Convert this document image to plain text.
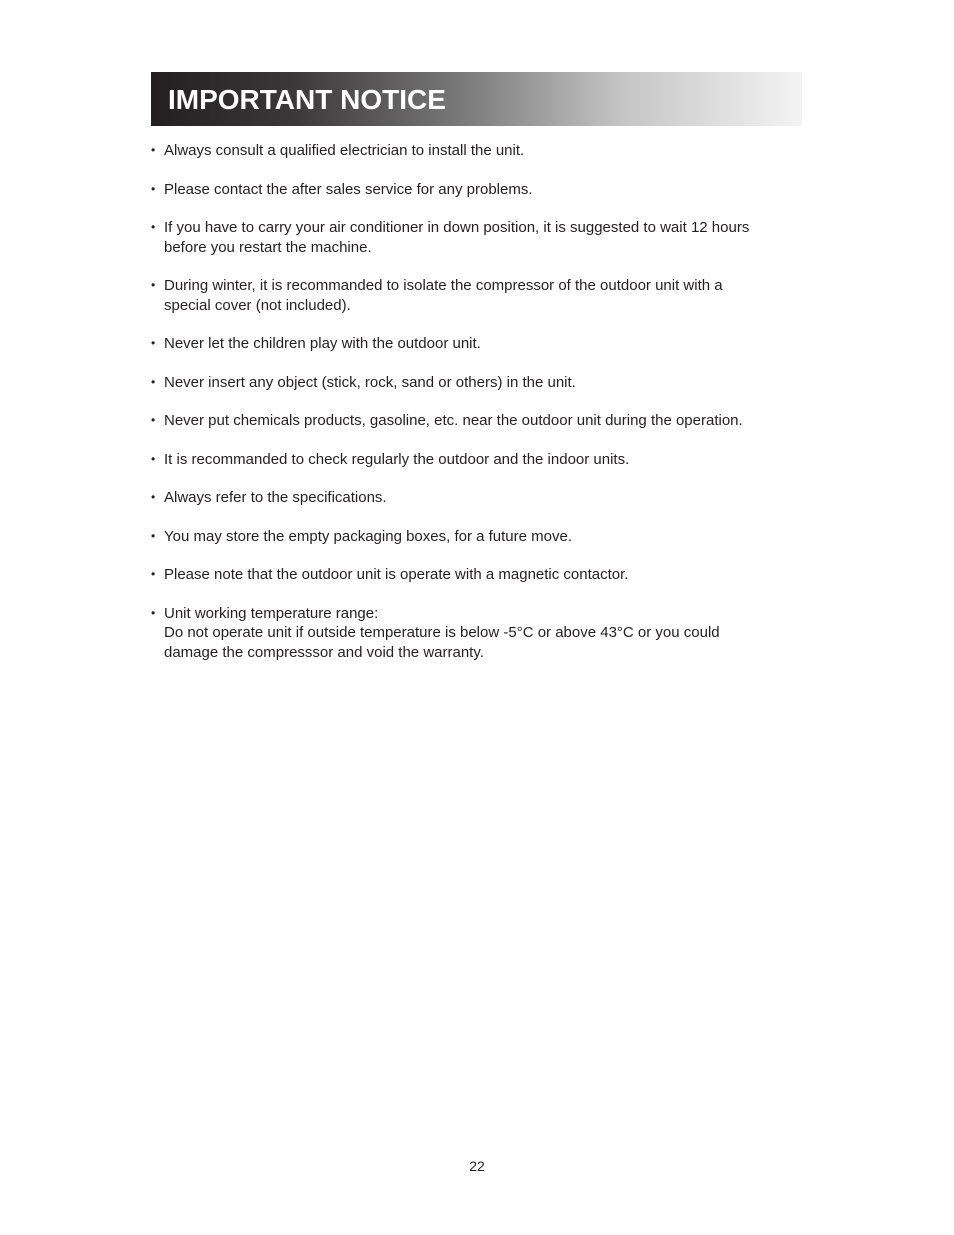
IMPORTANT NOTICE
• Always consult a qualified electrician to install the unit.
• Please contact the after sales service for any problems.
• If you have to carry your air conditioner in down position, it is suggested to wait 12 hours
before you restart the machine.
• During winter, it is recommanded to isolate the compressor of the outdoor unit with a
special cover (not included).
• Never let the children play with the outdoor unit.
• Never insert any object (stick, rock, sand or others) in the unit.
• Never put chemicals products, gasoline, etc. near the outdoor unit during the operation.
• It is recommanded to check regularly the outdoor and the indoor units.
• Always refer to the specifications.
• You may store the empty packaging boxes, for a future move.
• Please note that the outdoor unit is operate with a magnetic contactor.
• Unit working temperature range:
Do not operate unit if outside temperature is below -5°C or above 43°C or you could
damage the compresssor and void the warranty.
22
